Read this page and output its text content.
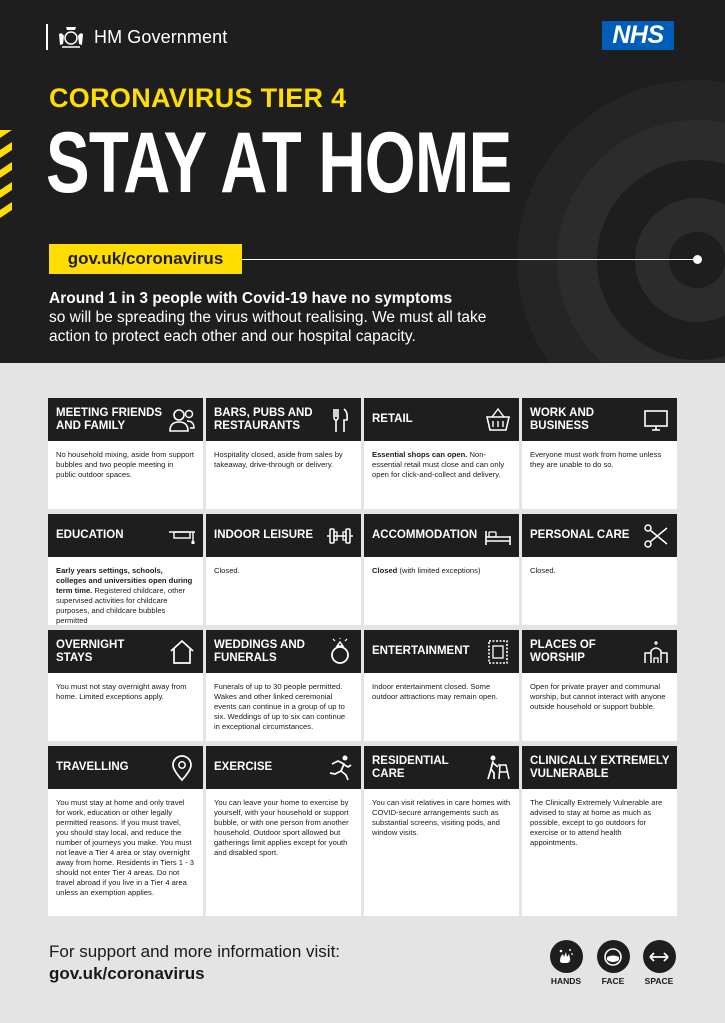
HM Government	NHS
CORONAVIRUS TIER 4
STAY AT HOME
gov.uk/coronavirus
Around 1 in 3 people with Covid-19 have no symptoms
so will be spreading the virus without realising. We must all take action to protect each other and our hospital capacity.
MEETING FRIENDS AND FAMILY
No household mixing, aside from support bubbles and two people meeting in public outdoor spaces.
BARS, PUBS AND RESTAURANTS
Hospitality closed, aside from sales by takeaway, drive-through or delivery.
RETAIL
Essential shops can open. Non-essential retail must close and can only open for click-and-collect and delivery.
WORK AND BUSINESS
Everyone must work from home unless they are unable to do so.
EDUCATION
Early years settings, schools, colleges and universities open during term time. Registered childcare, other supervised activities for childcare purposes, and childcare bubbles permitted
INDOOR LEISURE
Closed.
ACCOMMODATION
Closed (with limited exceptions)
PERSONAL CARE
Closed.
OVERNIGHT STAYS
You must not stay overnight away from home. Limited exceptions apply.
WEDDINGS AND FUNERALS
Funerals of up to 30 people permitted. Wakes and other linked ceremonial events can continue in a group of up to six. Weddings of up to six can continue in exceptional circumstances.
ENTERTAINMENT
Indoor entertainment closed. Some outdoor attractions may remain open.
PLACES OF WORSHIP
Open for private prayer and communal worship, but cannot interact with anyone outside household or support bubble.
TRAVELLING
You must stay at home and only travel for work, education or other legally permitted reasons. If you must travel, you should stay local, and reduce the number of journeys you make. You must not leave a Tier 4 area or stay overnight away from home. Residents in Tiers 1 - 3 should not enter Tier 4 areas. Do not travel abroad if you live in a Tier 4 area unless an exemption applies.
EXERCISE
You can leave your home to exercise by yourself, with your household or support bubble, or with one person from another household. Outdoor sport allowed but gatherings limit applies except for youth and disabled sport.
RESIDENTIAL CARE
You can visit relatives in care homes with COVID-secure arrangements such as substantial screens, visiting pods, and window visits.
CLINICALLY EXTREMELY VULNERABLE
The Clinically Extremely Vulnerable are advised to stay at home as much as possible, except to go outdoors for exercise or to attend health appointments.
For support and more information visit:
gov.uk/coronavirus	HANDS	FACE	SPACE
